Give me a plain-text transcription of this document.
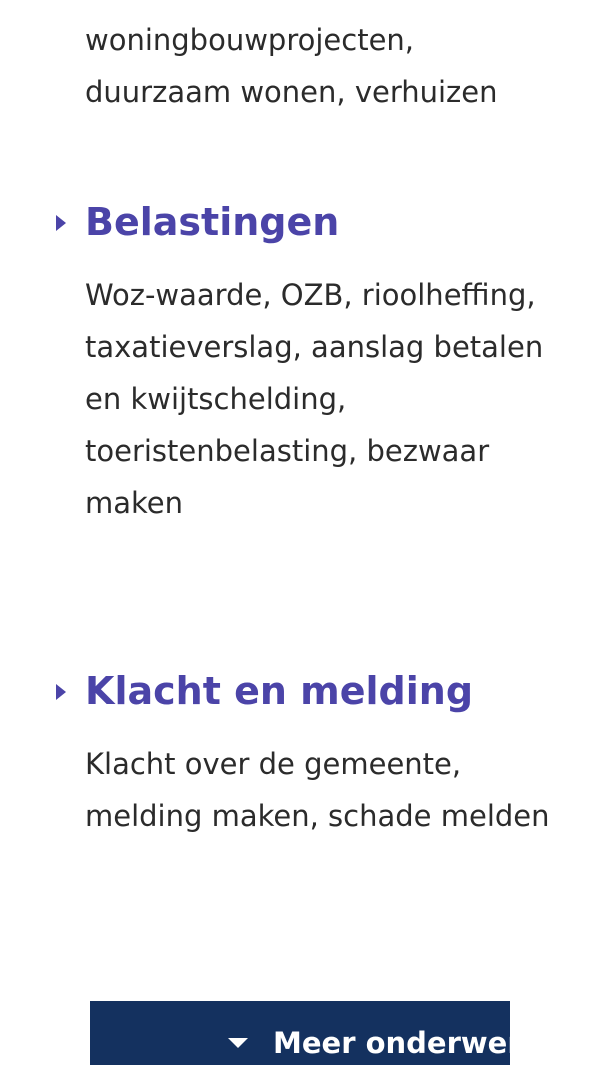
woningbouwprojecten, duurzaam wonen, verhuizen

Belastingen

Woz-waarde, OZB, rioolheffing, taxatieverslag, aanslag betalen en kwijtschelding, toeristenbelasting, bezwaar maken

Klacht en melding

Klacht over de gemeente, melding maken, schade melden

Meer onderwerpen
